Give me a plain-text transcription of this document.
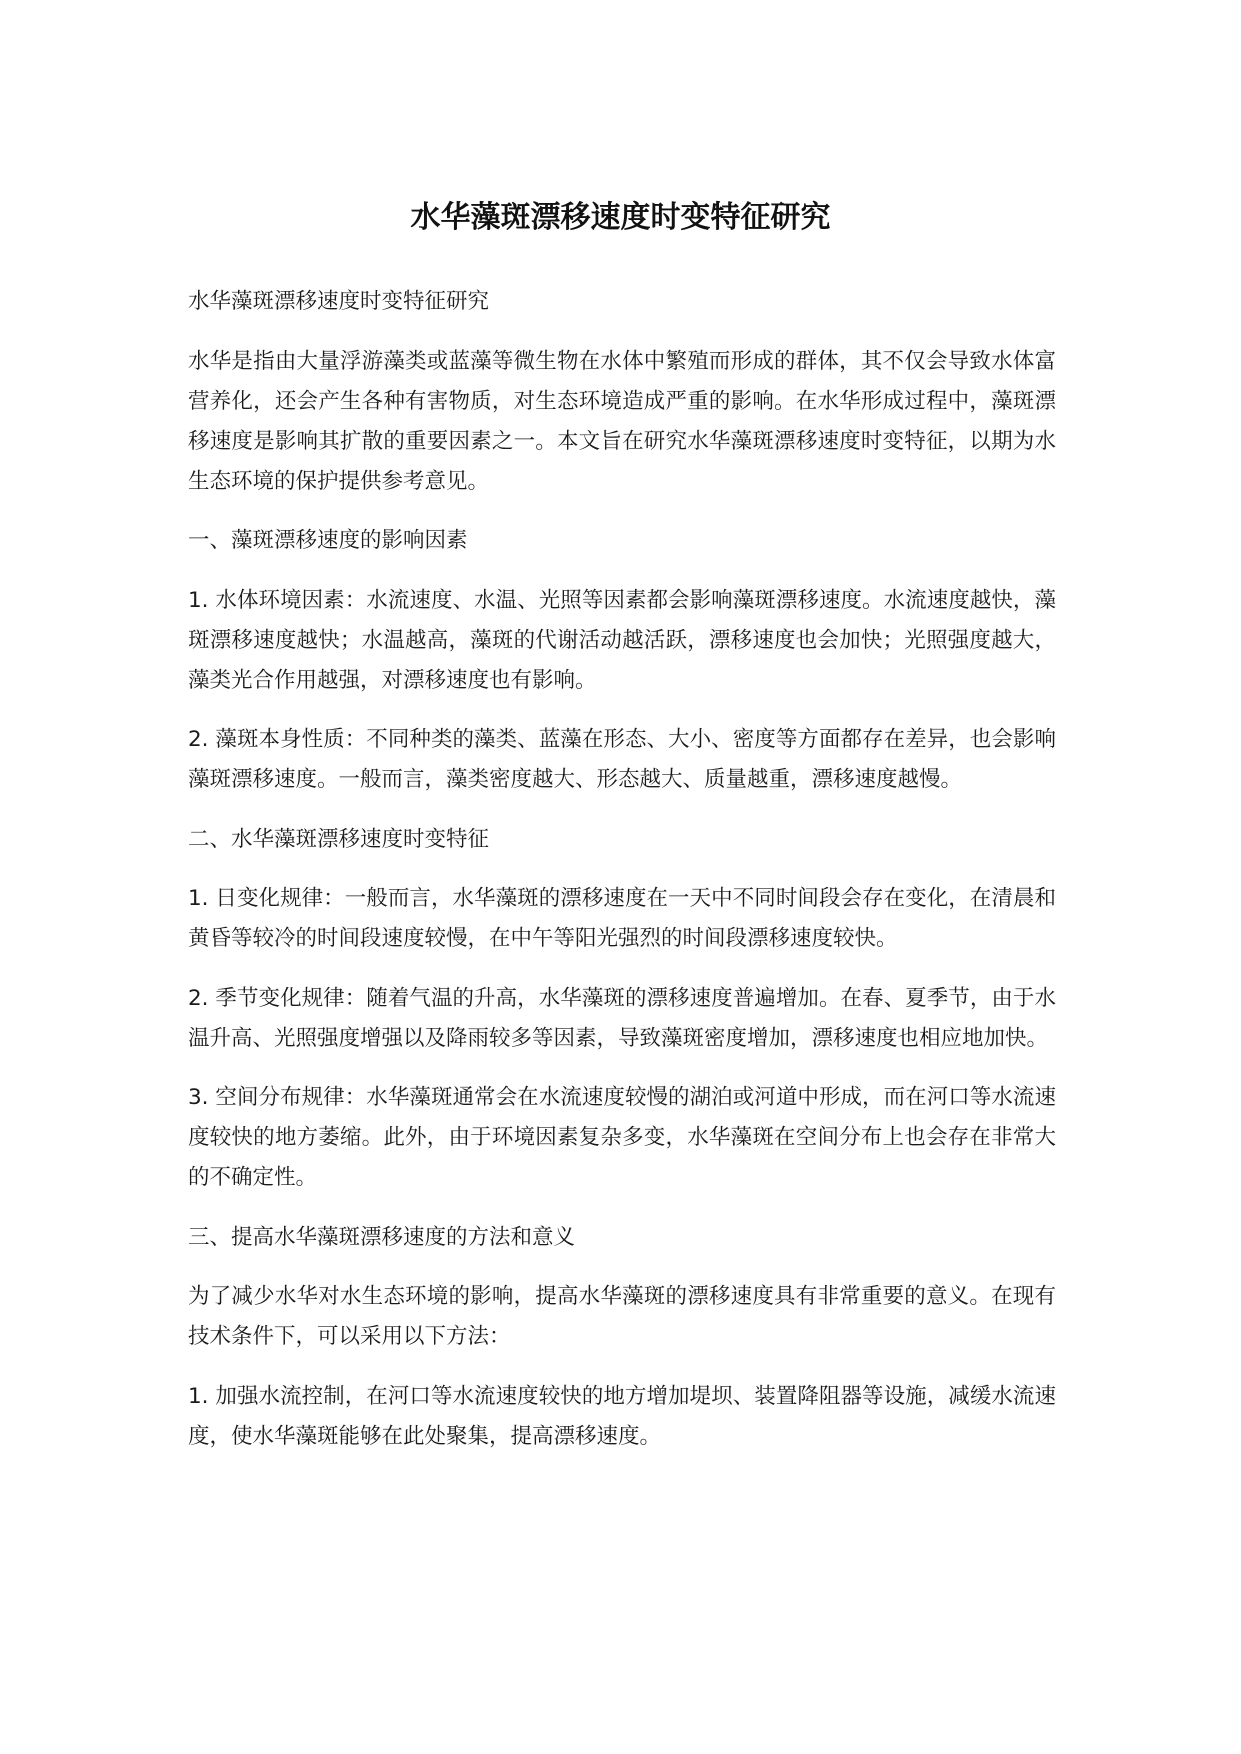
水华藻斑漂移速度时变特征研究

水华藻斑漂移速度时变特征研究

水华是指由大量浮游藻类或蓝藻等微生物在水体中繁殖而形成的群体，其不仅会导致水体富营养化，还会产生各种有害物质，对生态环境造成严重的影响。在水华形成过程中，藻斑漂移速度是影响其扩散的重要因素之一。本文旨在研究水华藻斑漂移速度时变特征，以期为水生态环境的保护提供参考意见。

一、藻斑漂移速度的影响因素

1. 水体环境因素：水流速度、水温、光照等因素都会影响藻斑漂移速度。水流速度越快，藻斑漂移速度越快；水温越高，藻斑的代谢活动越活跃，漂移速度也会加快；光照强度越大，藻类光合作用越强，对漂移速度也有影响。

2. 藻斑本身性质：不同种类的藻类、蓝藻在形态、大小、密度等方面都存在差异，也会影响藻斑漂移速度。一般而言，藻类密度越大、形态越大、质量越重，漂移速度越慢。

二、水华藻斑漂移速度时变特征

1. 日变化规律：一般而言，水华藻斑的漂移速度在一天中不同时间段会存在变化，在清晨和黄昏等较冷的时间段速度较慢，在中午等阳光强烈的时间段漂移速度较快。

2. 季节变化规律：随着气温的升高，水华藻斑的漂移速度普遍增加。在春、夏季节，由于水温升高、光照强度增强以及降雨较多等因素，导致藻斑密度增加，漂移速度也相应地加快。

3. 空间分布规律：水华藻斑通常会在水流速度较慢的湖泊或河道中形成，而在河口等水流速度较快的地方萎缩。此外，由于环境因素复杂多变，水华藻斑在空间分布上也会存在非常大的不确定性。

三、提高水华藻斑漂移速度的方法和意义

为了减少水华对水生态环境的影响，提高水华藻斑的漂移速度具有非常重要的意义。在现有技术条件下，可以采用以下方法：

1. 加强水流控制，在河口等水流速度较快的地方增加堤坝、装置降阻器等设施，减缓水流速度，使水华藻斑能够在此处聚集，提高漂移速度。
